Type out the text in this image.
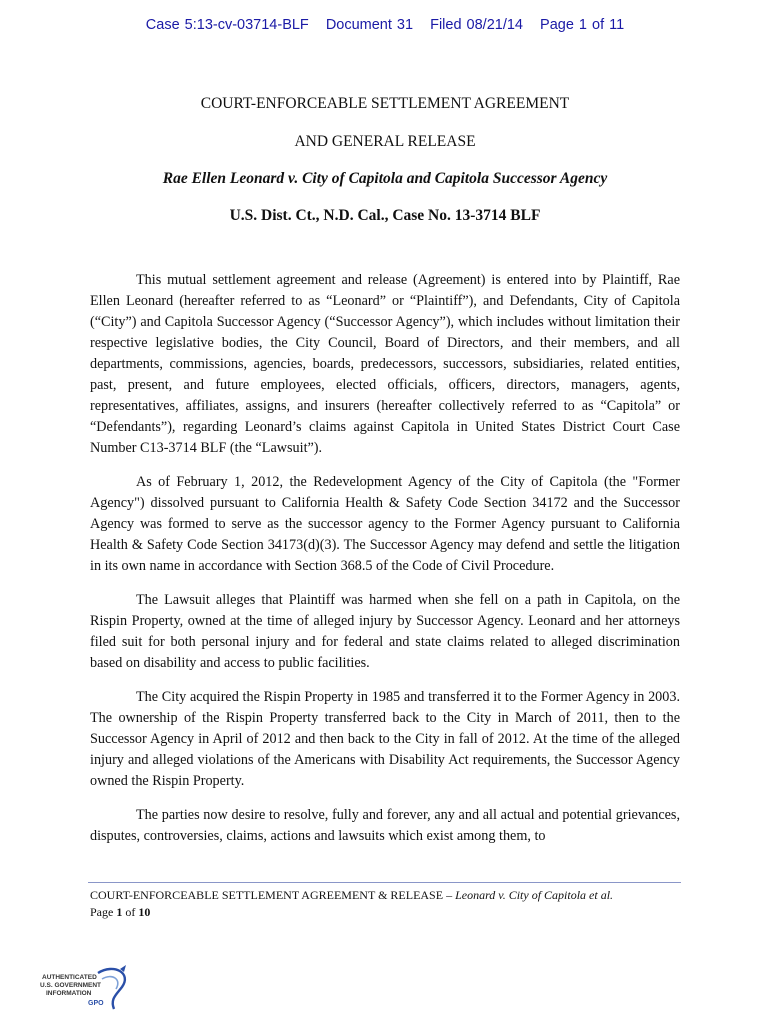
Case 5:13-cv-03714-BLF Document 31 Filed 08/21/14 Page 1 of 11

COURT-ENFORCEABLE SETTLEMENT AGREEMENT

AND GENERAL RELEASE

Rae Ellen Leonard v. City of Capitola and Capitola Successor Agency

U.S. Dist. Ct., N.D. Cal., Case No. 13-3714 BLF

This mutual settlement agreement and release (Agreement) is entered into by Plaintiff, Rae Ellen Leonard (hereafter referred to as “Leonard” or “Plaintiff”), and Defendants, City of Capitola (“City”) and Capitola Successor Agency (“Successor Agency”), which includes without limitation their respective legislative bodies, the City Council, Board of Directors, and their members, and all departments, commissions, agencies, boards, predecessors, successors, subsidiaries, related entities, past, present, and future employees, elected officials, officers, directors, managers, agents, representatives, affiliates, assigns, and insurers (hereafter collectively referred to as “Capitola” or “Defendants”), regarding Leonard’s claims against Capitola in United States District Court Case Number C13-3714 BLF (the “Lawsuit”).

As of February 1, 2012, the Redevelopment Agency of the City of Capitola (the "Former Agency") dissolved pursuant to California Health & Safety Code Section 34172 and the Successor Agency was formed to serve as the successor agency to the Former Agency pursuant to California Health & Safety Code Section 34173(d)(3). The Successor Agency may defend and settle the litigation in its own name in accordance with Section 368.5 of the Code of Civil Procedure.

The Lawsuit alleges that Plaintiff was harmed when she fell on a path in Capitola, on the Rispin Property, owned at the time of alleged injury by Successor Agency. Leonard and her attorneys filed suit for both personal injury and for federal and state claims related to alleged discrimination based on disability and access to public facilities.

The City acquired the Rispin Property in 1985 and transferred it to the Former Agency in 2003. The ownership of the Rispin Property transferred back to the City in March of 2011, then to the Successor Agency in April of 2012 and then back to the City in fall of 2012. At the time of the alleged injury and alleged violations of the Americans with Disability Act requirements, the Successor Agency owned the Rispin Property.

The parties now desire to resolve, fully and forever, any and all actual and potential grievances, disputes, controversies, claims, actions and lawsuits which exist among them, to

COURT-ENFORCEABLE SETTLEMENT AGREEMENT & RELEASE – Leonard v. City of Capitola et al.
Page 1 of 10
AUTHENTICATED
U.S. GOVERNMENT
INFORMATION
GPO
